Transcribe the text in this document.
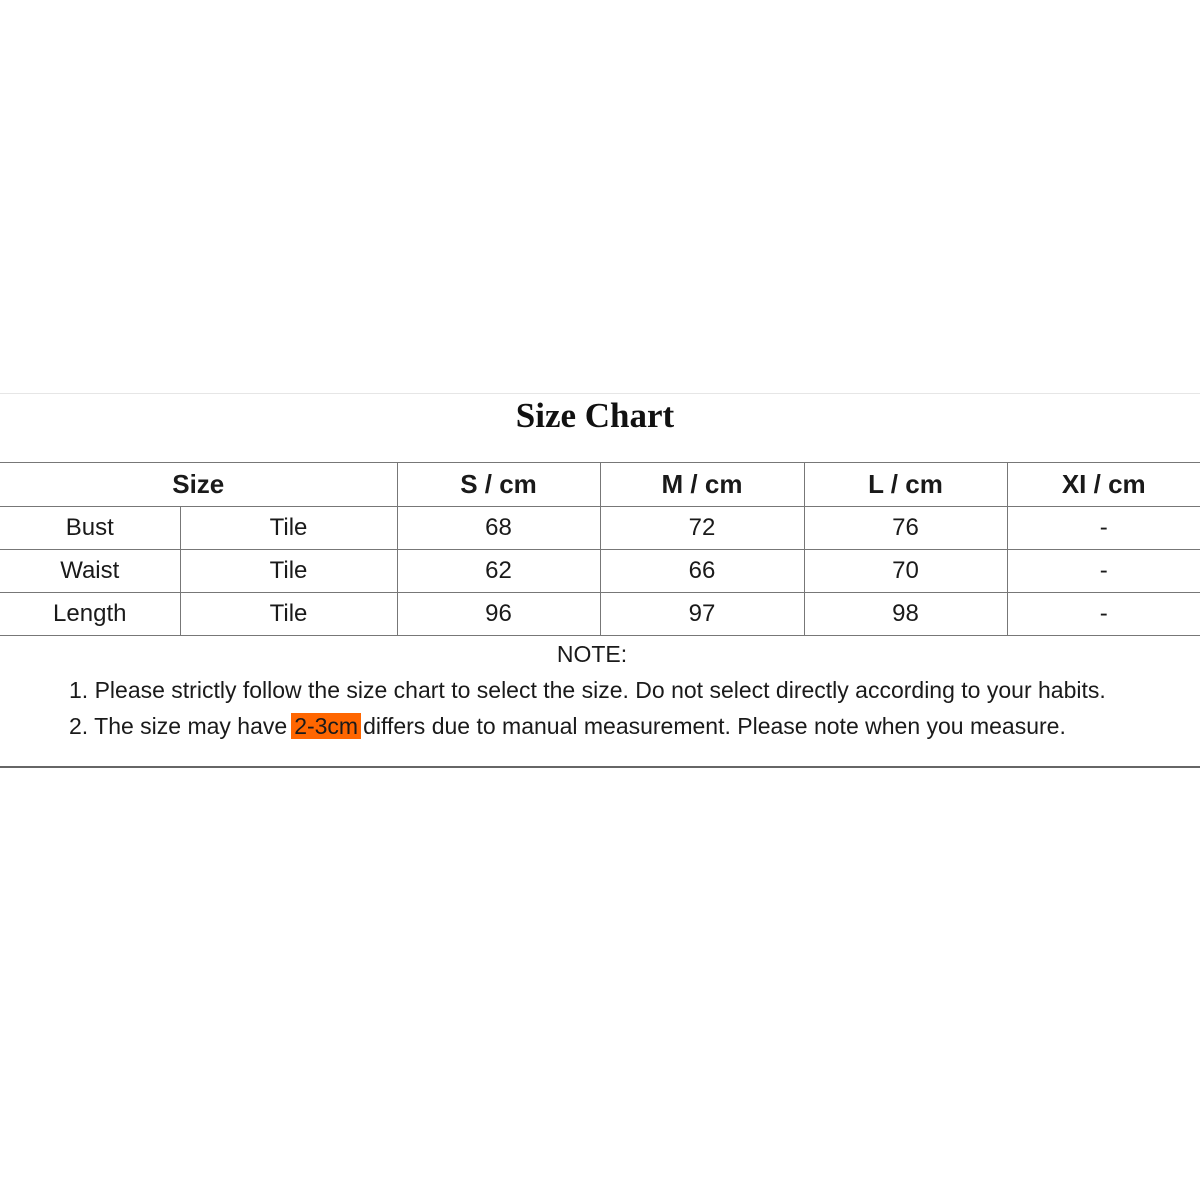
Size Chart
Size		S / cm	M / cm	L / cm	XI / cm
Bust	Tile	68	72	76	-
Waist	Tile	62	66	70	-
Length	Tile	96	97	98	-
NOTE:
1. Please strictly follow the size chart to select the size. Do not select directly according to your habits.
2. The size may have 2-3cm differs due to manual measurement. Please note when you measure.
